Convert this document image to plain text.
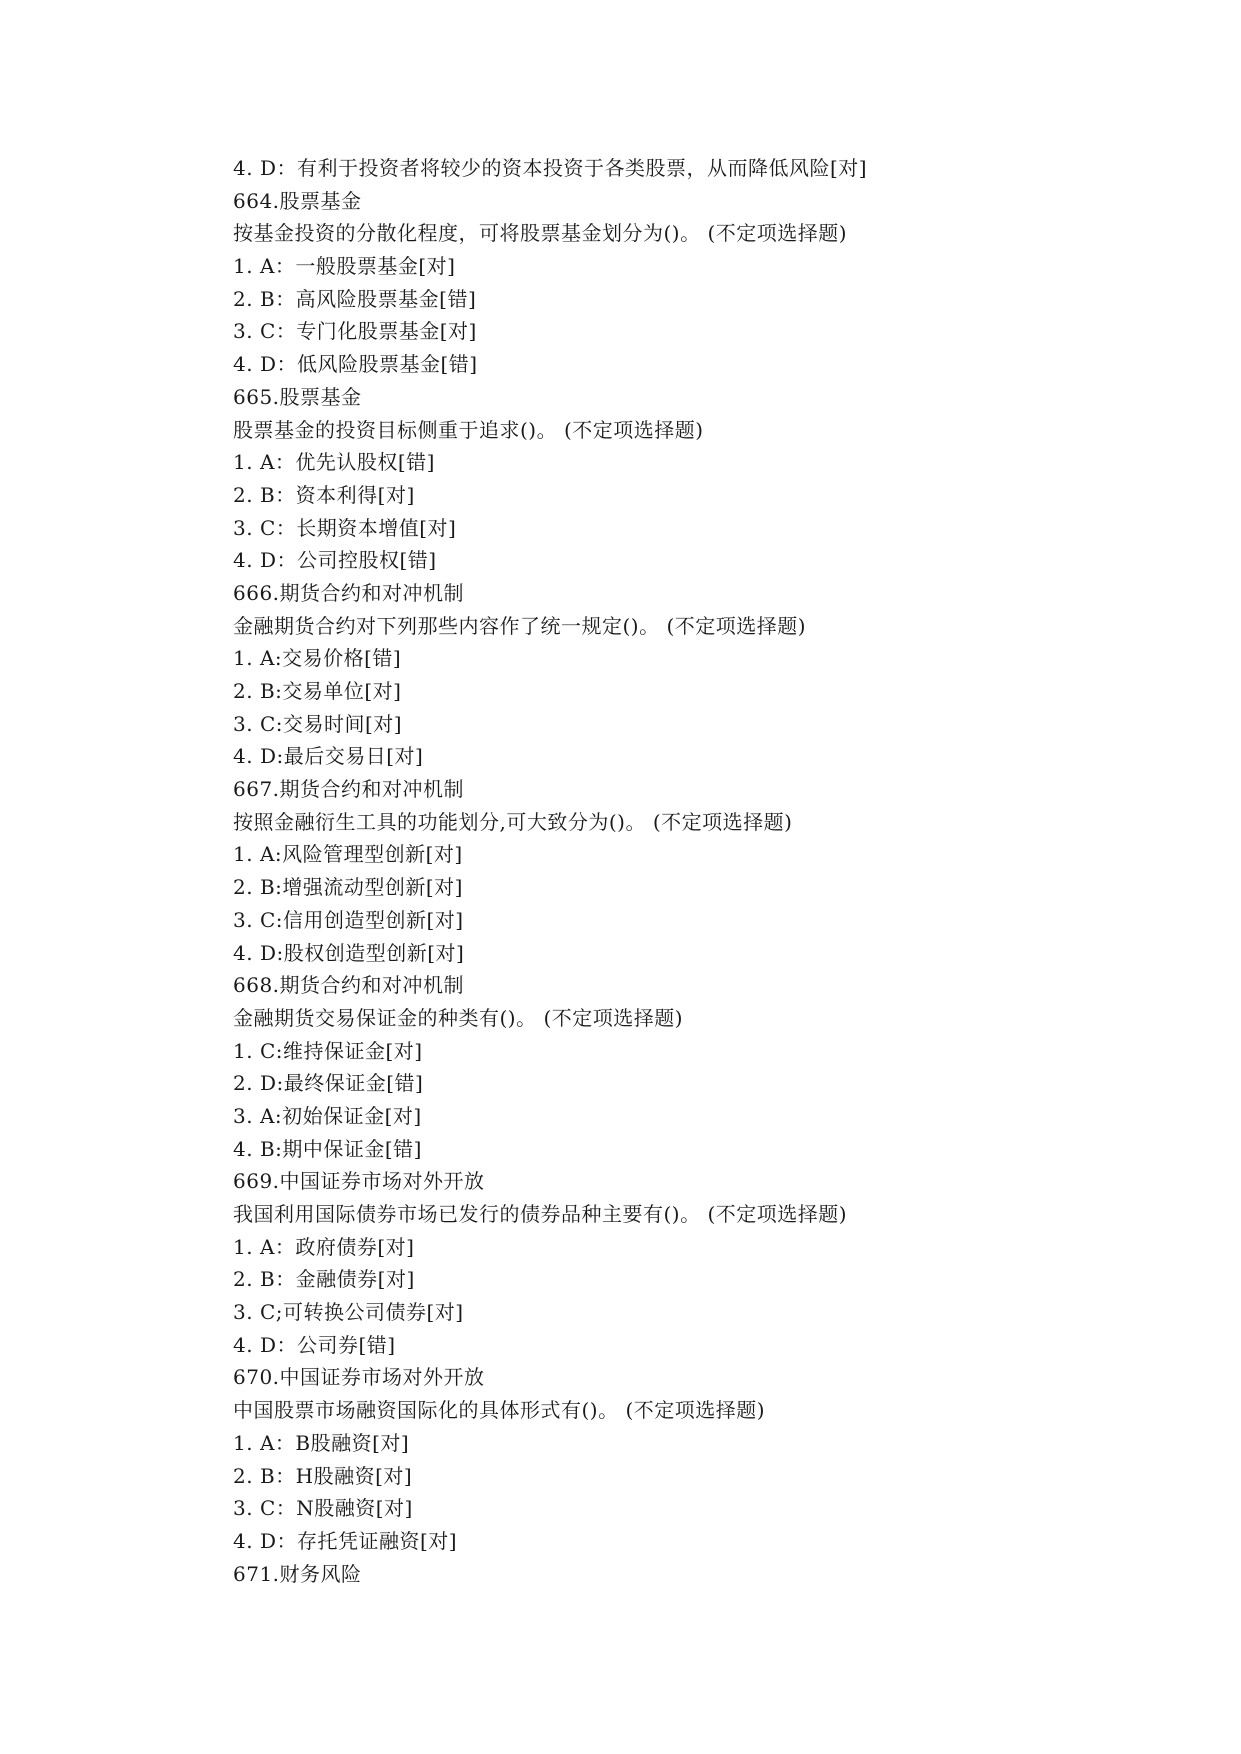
4. D：有利于投资者将较少的资本投资于各类股票，从而降低风险[对]
664.股票基金
按基金投资的分散化程度，可将股票基金划分为()。 (不定项选择题)
1. A：一般股票基金[对]
2. B：高风险股票基金[错]
3. C：专门化股票基金[对]
4. D：低风险股票基金[错]
665.股票基金
股票基金的投资目标侧重于追求()。 (不定项选择题)
1. A：优先认股权[错]
2. B：资本利得[对]
3. C：长期资本增值[对]
4. D：公司控股权[错]
666.期货合约和对冲机制
金融期货合约对下列那些内容作了统一规定()。 (不定项选择题)
1. A:交易价格[错]
2. B:交易单位[对]
3. C:交易时间[对]
4. D:最后交易日[对]
667.期货合约和对冲机制
按照金融衍生工具的功能划分,可大致分为()。 (不定项选择题)
1. A:风险管理型创新[对]
2. B:增强流动型创新[对]
3. C:信用创造型创新[对]
4. D:股权创造型创新[对]
668.期货合约和对冲机制
金融期货交易保证金的种类有()。 (不定项选择题)
1. C:维持保证金[对]
2. D:最终保证金[错]
3. A:初始保证金[对]
4. B:期中保证金[错]
669.中国证券市场对外开放
我国利用国际债券市场已发行的债券品种主要有()。 (不定项选择题)
1. A：政府债券[对]
2. B：金融债券[对]
3. C;可转换公司债券[对]
4. D：公司券[错]
670.中国证券市场对外开放
中国股票市场融资国际化的具体形式有()。 (不定项选择题)
1. A：B股融资[对]
2. B：H股融资[对]
3. C：N股融资[对]
4. D：存托凭证融资[对]
671.财务风险
